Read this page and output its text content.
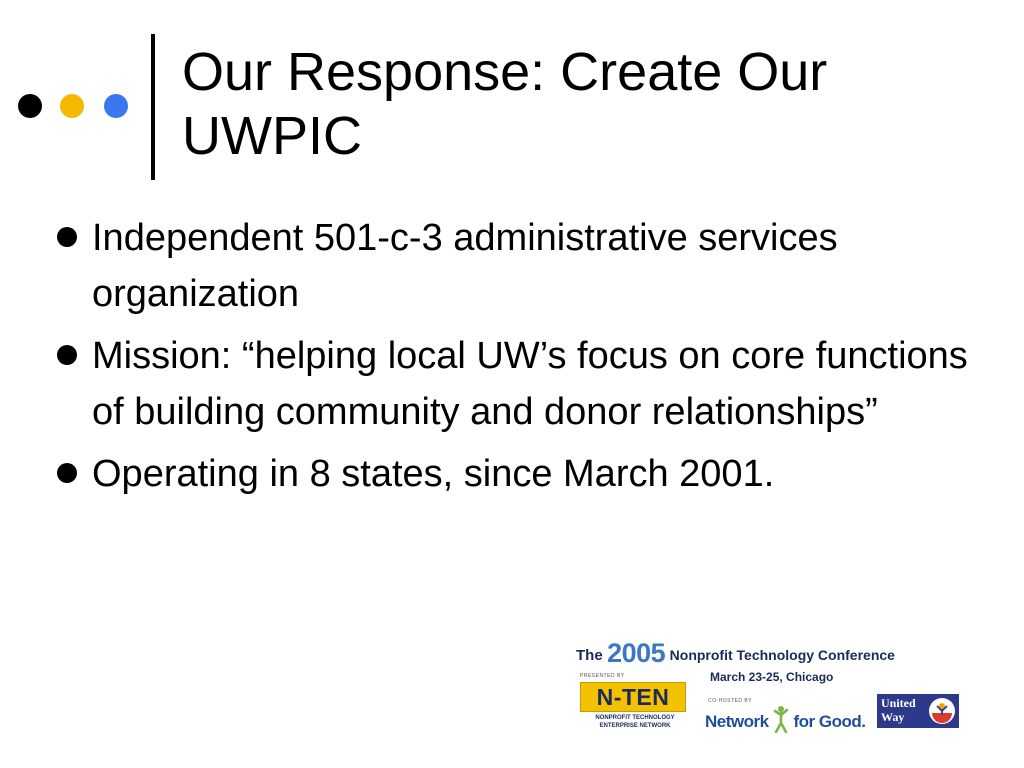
Our Response: Create Our
UWPIC
Independent 501-c-3 administrative services organization
Mission: “helping local UW’s focus on core functions of building community and donor relationships”
Operating in 8 states, since March 2001.
The 2005 Nonprofit Technology Conference
March 23-25, Chicago
PRESENTED BY
N-TEN
NONPROFIT TECHNOLOGY
ENTERPRISE NETWORK
CO-HOSTED BY
Network for Good.
United
Way
